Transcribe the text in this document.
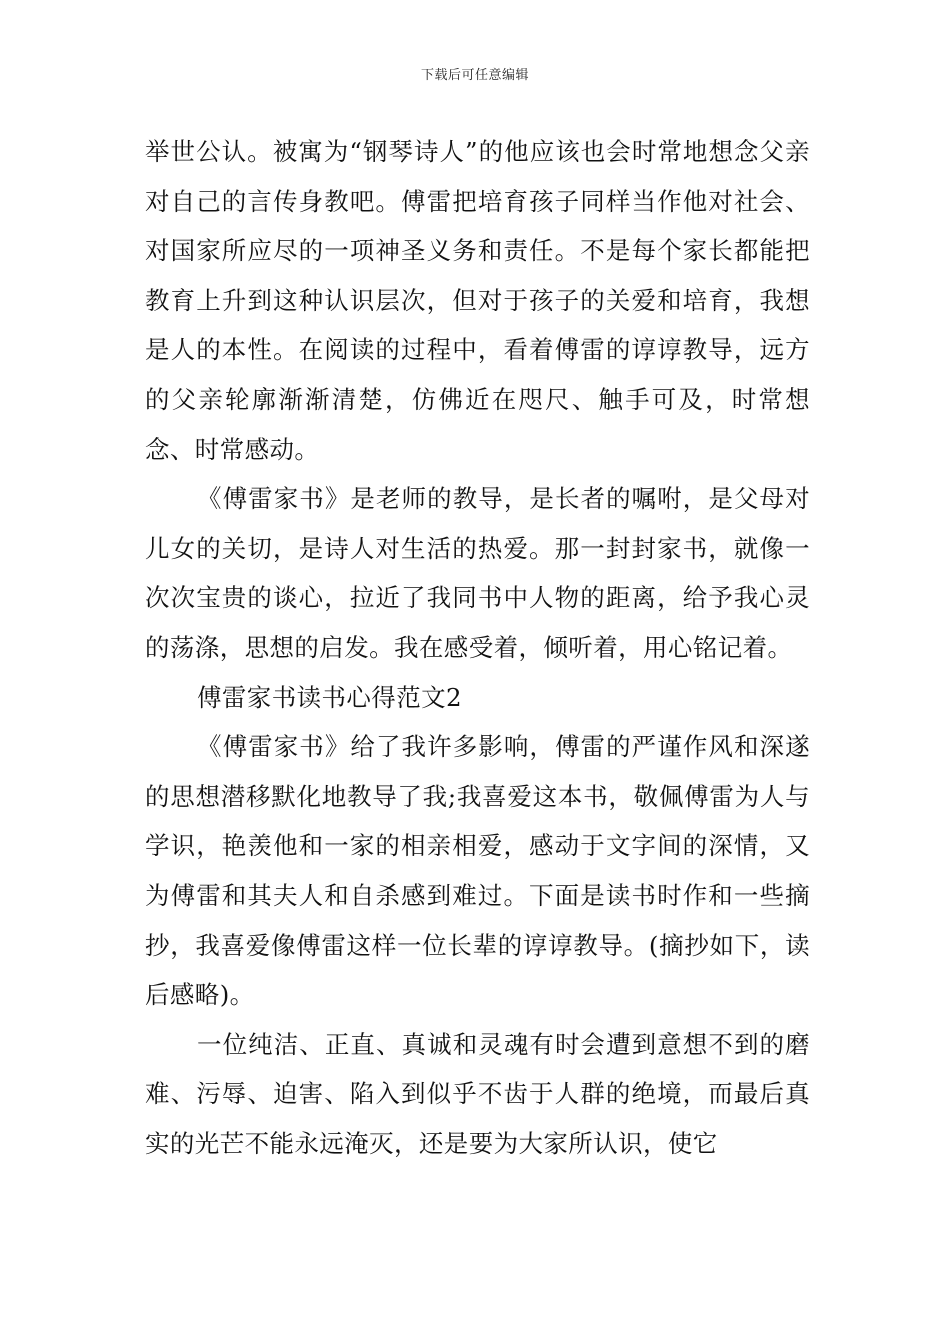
下载后可任意编辑

举世公认。被寓为“钢琴诗人”的他应该也会时常地想念父亲对自己的言传身教吧。傅雷把培育孩子同样当作他对社会、对国家所应尽的一项神圣义务和责任。不是每个家长都能把教育上升到这种认识层次，但对于孩子的关爱和培育，我想是人的本性。在阅读的过程中，看着傅雷的谆谆教导，远方的父亲轮廓渐渐清楚，仿佛近在咫尺、触手可及，时常想念、时常感动。

《傅雷家书》是老师的教导，是长者的嘱咐，是父母对儿女的关切，是诗人对生活的热爱。那一封封家书，就像一次次宝贵的谈心，拉近了我同书中人物的距离，给予我心灵的荡涤，思想的启发。我在感受着，倾听着，用心铭记着。

傅雷家书读书心得范文2

《傅雷家书》给了我许多影响，傅雷的严谨作风和深遂的思想潜移默化地教导了我;我喜爱这本书，敬佩傅雷为人与学识，艳羡他和一家的相亲相爱，感动于文字间的深情，又为傅雷和其夫人和自杀感到难过。下面是读书时作和一些摘抄，我喜爱像傅雷这样一位长辈的谆谆教导。(摘抄如下，读后感略)。

一位纯洁、正直、真诚和灵魂有时会遭到意想不到的磨难、污辱、迫害、陷入到似乎不齿于人群的绝境，而最后真实的光芒不能永远淹灭，还是要为大家所认识，使它
